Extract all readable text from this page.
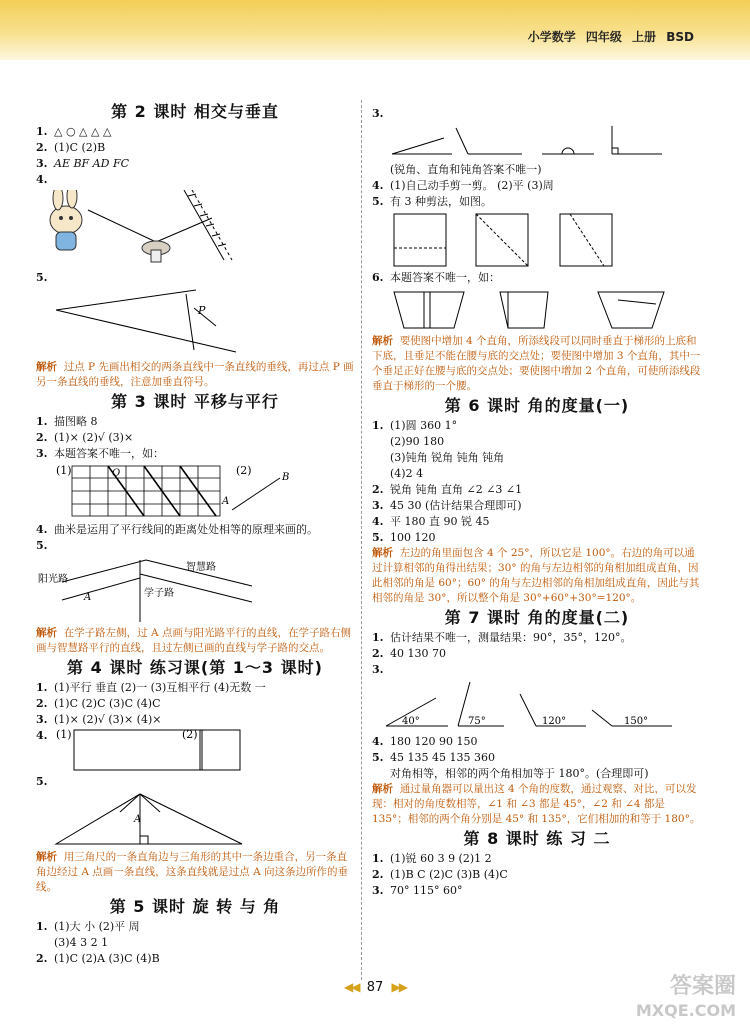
小学数学 四年级 上册 BSD
第 2 课时 相交与垂直
1. △ ○ △ △ △
2. (1)C (2)B
3. AE BF AD FC
4.
5.
P
解析 过点 P 先画出相交的两条直线中一条直线的垂线，再过点 P 画另一条直线的垂线，注意加垂直符号。
第 3 课时 平移与平行
1. 描图略 8
2. (1)× (2)√ (3)×
3. 本题答案不唯一，如：
(1)	O	(2)
A
B
4. 曲米是运用了平行线间的距离处处相等的原理来画的。
5.
阳光路
智慧路
学子路
A
解析 在学子路左侧，过 A 点画与阳光路平行的直线，在学子路右侧画与智慧路平行的直线，且过左侧已画的直线与学子路的交点。
第 4 课时 练习课(第 1～3 课时)
1. (1)平行 垂直 (2)一 (3)互相平行 (4)无数 一
2. (1)C (2)C (3)C (4)C
3. (1)× (2)√ (3)× (4)×
4. (1)	(2)
5.
A
解析 用三角尺的一条直角边与三角形的其中一条边重合，另一条直角边经过 A 点画一条直线，这条直线就是过点 A 向这条边所作的垂线。
第 5 课时 旋 转 与 角
1. (1)大 小 (2)平 周
(3)4 3 2 1
2. (1)C (2)A (3)C (4)B
3.
(锐角、直角和钝角答案不唯一)
4. (1)自己动手剪一剪。 (2)平 (3)周
5. 有 3 种剪法，如图。
6. 本题答案不唯一，如：
解析 要使图中增加 4 个直角，所添线段可以同时垂直于梯形的上底和下底，且垂足不能在腰与底的交点处；要使图中增加 3 个直角，其中一个垂足正好在腰与底的交点处；要使图中增加 2 个直角，可使所添线段垂直于梯形的一个腰。
第 6 课时 角的度量(一)
1. (1)圆 360 1°
(2)90 180
(3)钝角 锐角 钝角 钝角
(4)2 4
2. 锐角 钝角 直角 ∠2 ∠3 ∠1
3. 45 30 (估计结果合理即可)
4. 平 180 直 90 锐 45
5. 100 120
解析 左边的角里面包含 4 个 25°，所以它是 100°。右边的角可以通过计算相邻的角得出结果；30° 的角与左边相邻的角相加组成直角，因此相邻的角是 60°；60° 的角与左边相邻的角相加组成直角，因此与其相邻的角是 30°，所以整个角是 30°+60°+30°=120°。
第 7 课时 角的度量(二)
1. 估计结果不唯一，测量结果：90°，35°，120°。
2. 40 130 70
3.
40°	75°	120°	150°
4. 180 120 90 150
5. 45 135 45 135 360
对角相等，相邻的两个角相加等于 180°。(合理即可)
解析 通过量角器可以量出这 4 个角的度数，通过观察、对比，可以发现：相对的角度数相等，∠1 和 ∠3 都是 45°，∠2 和 ∠4 都是 135°；相邻的两个角分别是 45° 和 135°，它们相加的和等于 180°。
第 8 课时 练 习 二
1. (1)锐 60 3 9 (2)1 2
2. (1)B C (2)C (3)B (4)C
3. 70° 115° 60°
◀◀ 87 ▶▶	答案圈
MXQE.COM
